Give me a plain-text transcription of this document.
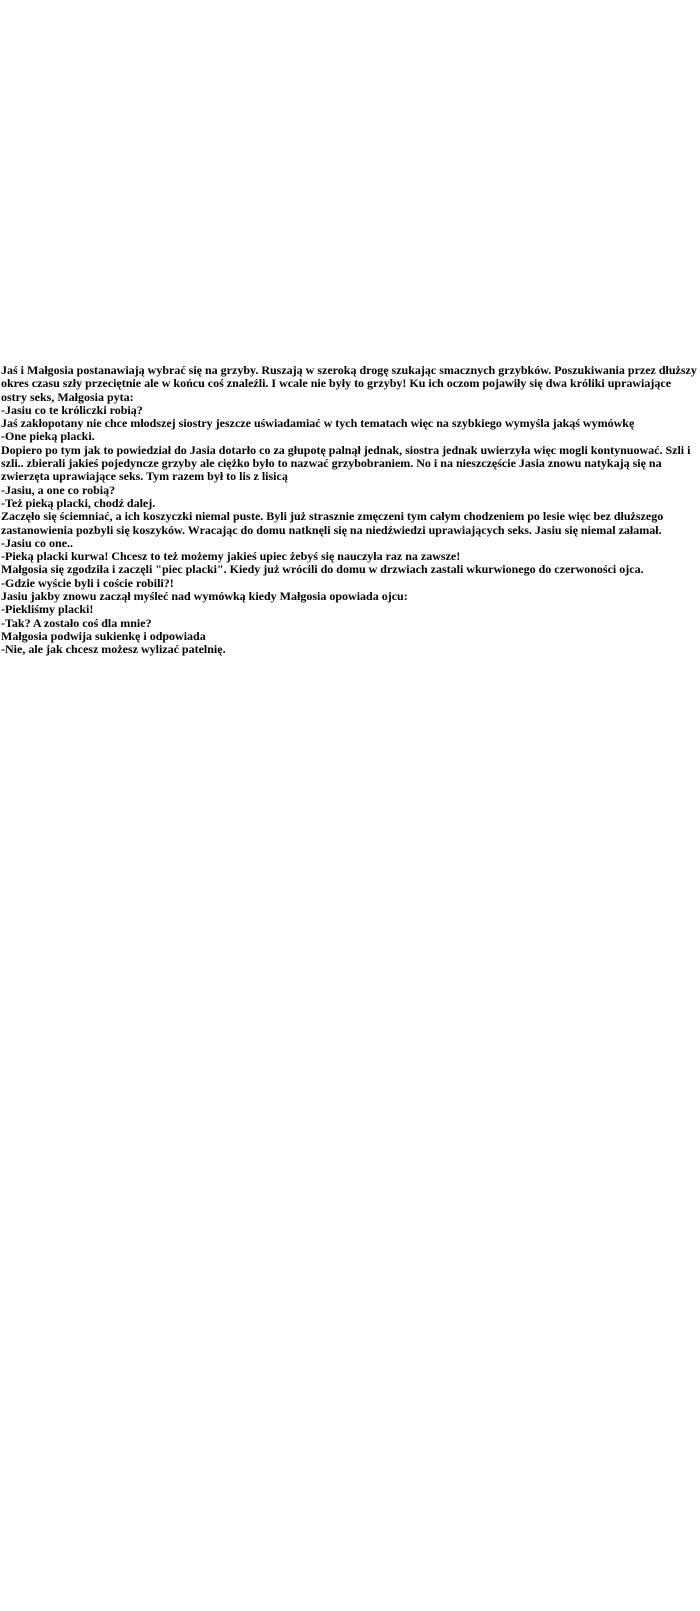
Jaś i Małgosia postanawiają wybrać się na grzyby. Ruszają w szeroką drogę szukając smacznych grzybków. Poszukiwania przez dłuższy okres czasu szły przeciętnie ale w końcu coś znaleźli. I wcale nie były to grzyby! Ku ich oczom pojawiły się dwa króliki uprawiające ostry seks, Małgosia pyta:
-Jasiu co te króliczki robią?
Jaś zakłopotany nie chce młodszej siostry jeszcze uświadamiać w tych tematach więc na szybkiego wymyśla jakąś wymówkę
-One pieką placki.
Dopiero po tym jak to powiedział do Jasia dotarło co za głupotę palnął jednak, siostra jednak uwierzyła więc mogli kontynuować. Szli i szli.. zbierali jakieś pojedyncze grzyby ale ciężko było to nazwać grzybobraniem. No i na nieszczęście Jasia znowu natykają się na zwierzęta uprawiające seks. Tym razem był to lis z lisicą
-Jasiu, a one co robią?
-Też pieką placki, chodź dalej.
Zaczęło się ściemniać, a ich koszyczki niemal puste. Byli już strasznie zmęczeni tym całym chodzeniem po lesie więc bez dłuższego zastanowienia pozbyli się koszyków. Wracając do domu natknęli się na niedźwiedzi uprawiających seks. Jasiu się niemal załamał.
-Jasiu co one..
-Pieką placki kurwa! Chcesz to też możemy jakieś upiec żebyś się nauczyła raz na zawsze!
Małgosia się zgodziła i zaczęli "piec placki". Kiedy już wrócili do domu w drzwiach zastali wkurwionego do czerwoności ojca.
-Gdzie wyście byli i coście robili?!
Jasiu jakby znowu zaczął myśleć nad wymówką kiedy Małgosia opowiada ojcu:
-Piekliśmy placki!
-Tak? A zostało coś dla mnie?
Małgosia podwija sukienkę i odpowiada
-Nie, ale jak chcesz możesz wylizać patelnię.
